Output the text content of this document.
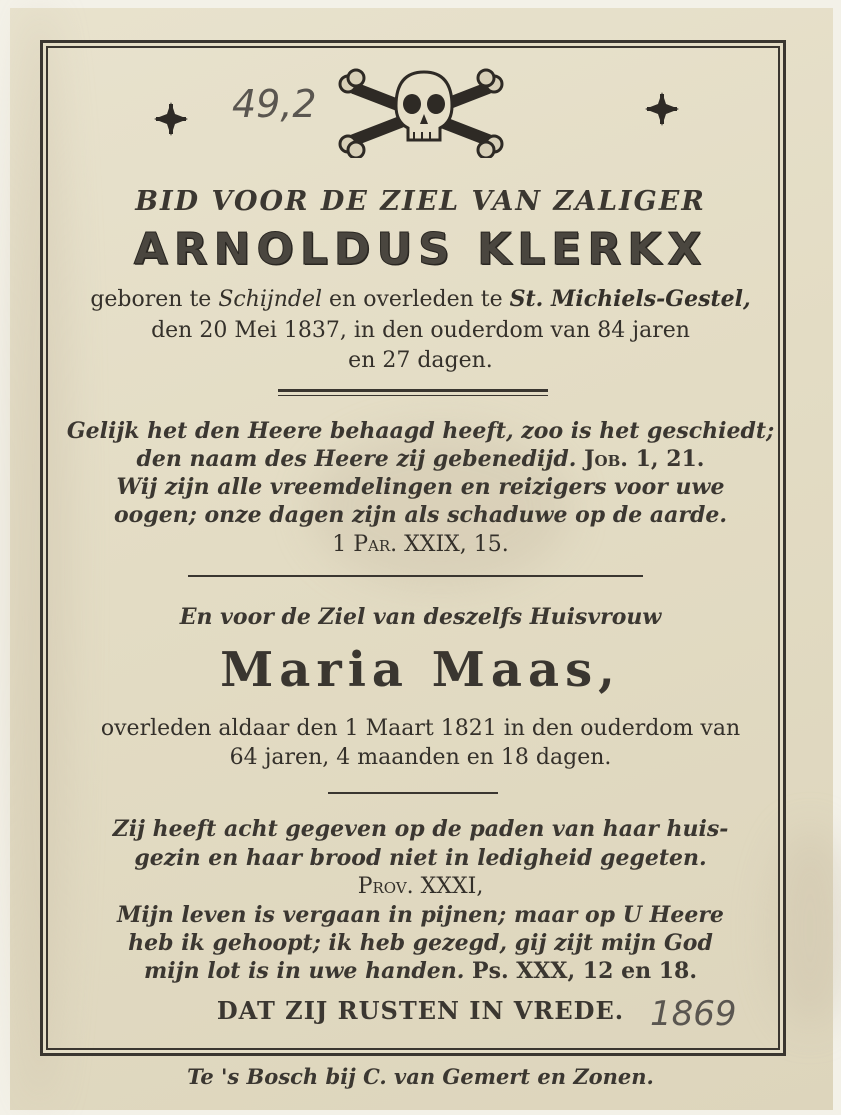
49,2
1869
BID VOOR DE ZIEL VAN ZALIGER
ARNOLDUS KLERKX
geboren te Schijndel en overleden te St. Michiels-Gestel,
den 20 Mei 1837, in den ouderdom van 84 jaren
en 27 dagen.
Gelijk het den Heere behaagd heeft, zoo is het geschiedt;
den naam des Heere zij gebenedijd. Job. 1, 21.
Wij zijn alle vreemdelingen en reizigers voor uwe
oogen; onze dagen zijn als schaduwe op de aarde.
1 Par. XXIX, 15.
En voor de Ziel van deszelfs Huisvrouw
Maria Maas,
overleden aldaar den 1 Maart 1821 in den ouderdom van
64 jaren, 4 maanden en 18 dagen.
Zij heeft acht gegeven op de paden van haar huis-
gezin en haar brood niet in ledigheid gegeten.
Prov. XXXI,
Mijn leven is vergaan in pijnen; maar op U Heere
heb ik gehoopt; ik heb gezegd, gij zijt mijn God
mijn lot is in uwe handen. Ps. XXX, 12 en 18.
DAT ZIJ RUSTEN IN VREDE.
Te 's Bosch bij C. van Gemert en Zonen.
